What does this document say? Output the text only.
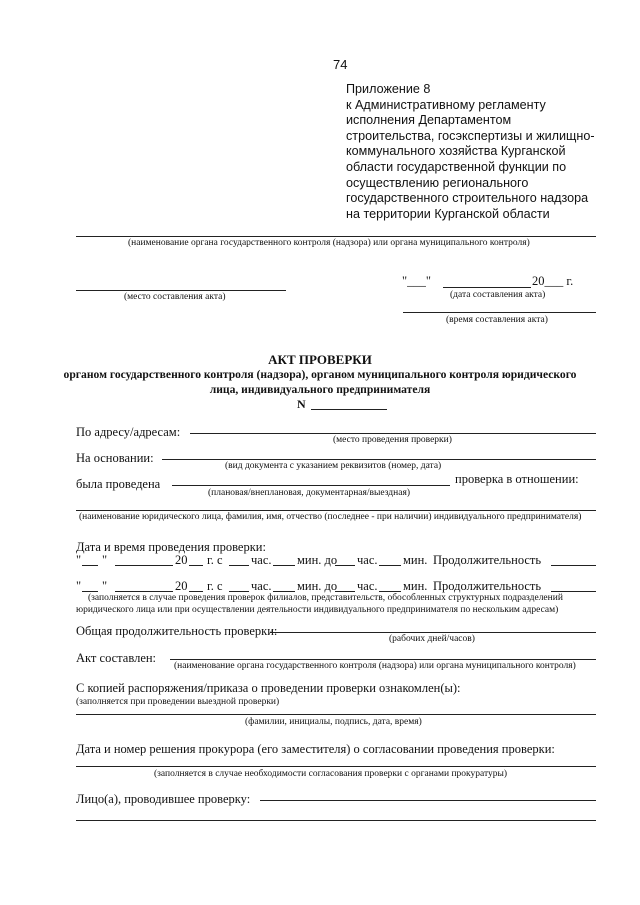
74
Приложение 8
к Административному регламенту
исполнения Департаментом
строительства, госэкспертизы и жилищно-
коммунального хозяйства Курганской
области государственной функции по
осуществлению регионального
государственного строительного надзора
на территории Курганской области
(наименование органа государственного контроля (надзора) или органа муниципального контроля)
(место составления акта)
"___"	20___ г.
(дата составления акта)
(время составления акта)
АКТ ПРОВЕРКИ
органом государственного контроля (надзора), органом муниципального контроля юридического
лица, индивидуального предпринимателя
N
По адресу/адресам:
(место проведения проверки)
На основании:
(вид документа с указанием реквизитов (номер, дата)
была проведена	проверка в отношении:
(плановая/внеплановая, документарная/выездная)
(наименование юридического лица, фамилия, имя, отчество (последнее - при наличии) индивидуального предпринимателя)
Дата и время проведения проверки:
" "	20 г. с час. мин. до час. мин. Продолжительность
" "	20 г. с час. мин. до час. мин. Продолжительность
(заполняется в случае проведения проверок филиалов, представительств, обособленных структурных подразделений
юридического лица или при осуществлении деятельности индивидуального предпринимателя по нескольким адресам)
Общая продолжительность проверки:
(рабочих дней/часов)
Акт составлен:
(наименование органа государственного контроля (надзора) или органа муниципального контроля)
С копией распоряжения/приказа о проведении проверки ознакомлен(ы):
(заполняется при проведении выездной проверки)
(фамилии, инициалы, подпись, дата, время)
Дата и номер решения прокурора (его заместителя) о согласовании проведения проверки:
(заполняется в случае необходимости согласования проверки с органами прокуратуры)
Лицо(а), проводившее проверку:
